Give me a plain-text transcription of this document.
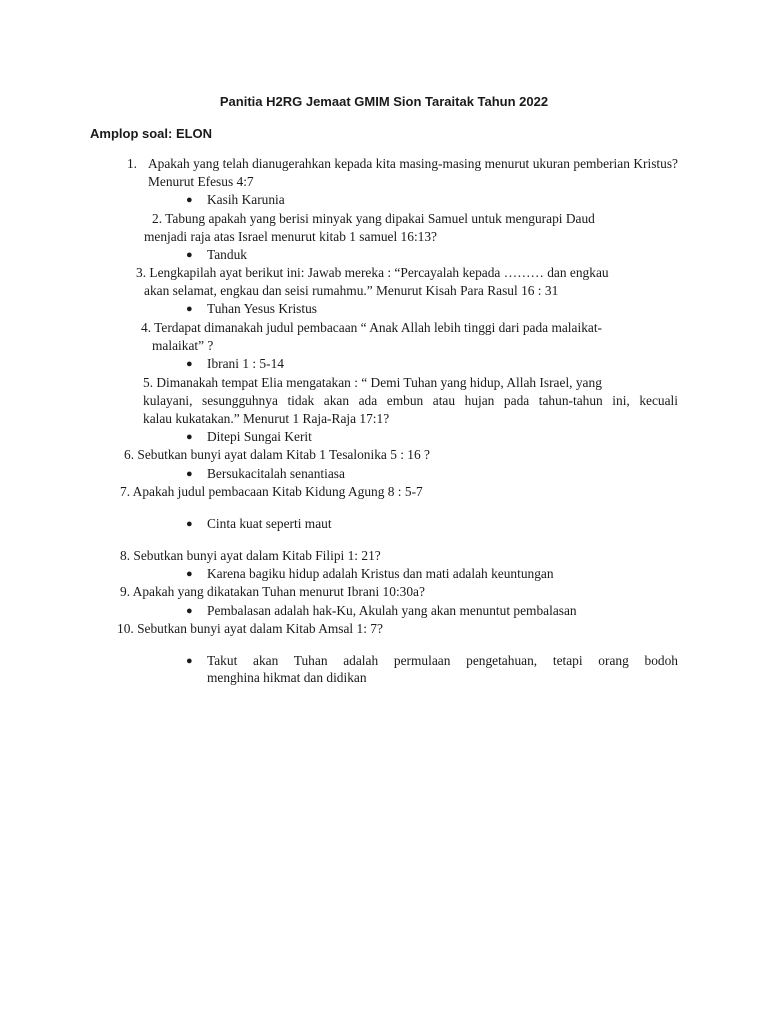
Panitia H2RG Jemaat GMIM Sion Taraitak Tahun 2022
Amplop soal: ELON
1. Apakah yang telah dianugerahkan kepada kita masing-masing menurut ukuran pemberian Kristus? Menurut Efesus 4:7
● Kasih Karunia
2. Tabung apakah yang berisi minyak yang dipakai Samuel untuk mengurapi Daud
menjadi raja atas Israel menurut kitab 1 samuel 16:13?
● Tanduk
3. Lengkapilah ayat berikut ini: Jawab mereka : “Percayalah kepada ……… dan engkau
akan selamat, engkau dan seisi rumahmu.” Menurut Kisah Para Rasul 16 : 31
● Tuhan Yesus Kristus
4. Terdapat dimanakah judul pembacaan “ Anak Allah lebih tinggi dari pada malaikat-
malaikat” ?
● Ibrani 1 : 5-14
5. Dimanakah tempat Elia mengatakan : “ Demi Tuhan yang hidup, Allah Israel, yang
kulayani, sesungguhnya tidak akan ada embun atau hujan pada tahun-tahun ini, kecuali
kalau kukatakan.” Menurut 1 Raja-Raja 17:1?
● Ditepi Sungai Kerit
6. Sebutkan bunyi ayat dalam Kitab 1 Tesalonika 5 : 16 ?
● Bersukacitalah senantiasa
7. Apakah judul pembacaan Kitab Kidung Agung 8 : 5-7
● Cinta kuat seperti maut
8. Sebutkan bunyi ayat dalam Kitab Filipi 1: 21?
● Karena bagiku hidup adalah Kristus dan mati adalah keuntungan
9. Apakah yang dikatakan Tuhan menurut Ibrani 10:30a?
● Pembalasan adalah hak-Ku, Akulah yang akan menuntut pembalasan
10. Sebutkan bunyi ayat dalam Kitab Amsal 1: 7?
● Takut akan Tuhan adalah permulaan pengetahuan, tetapi orang bodoh
menghina hikmat dan didikan
